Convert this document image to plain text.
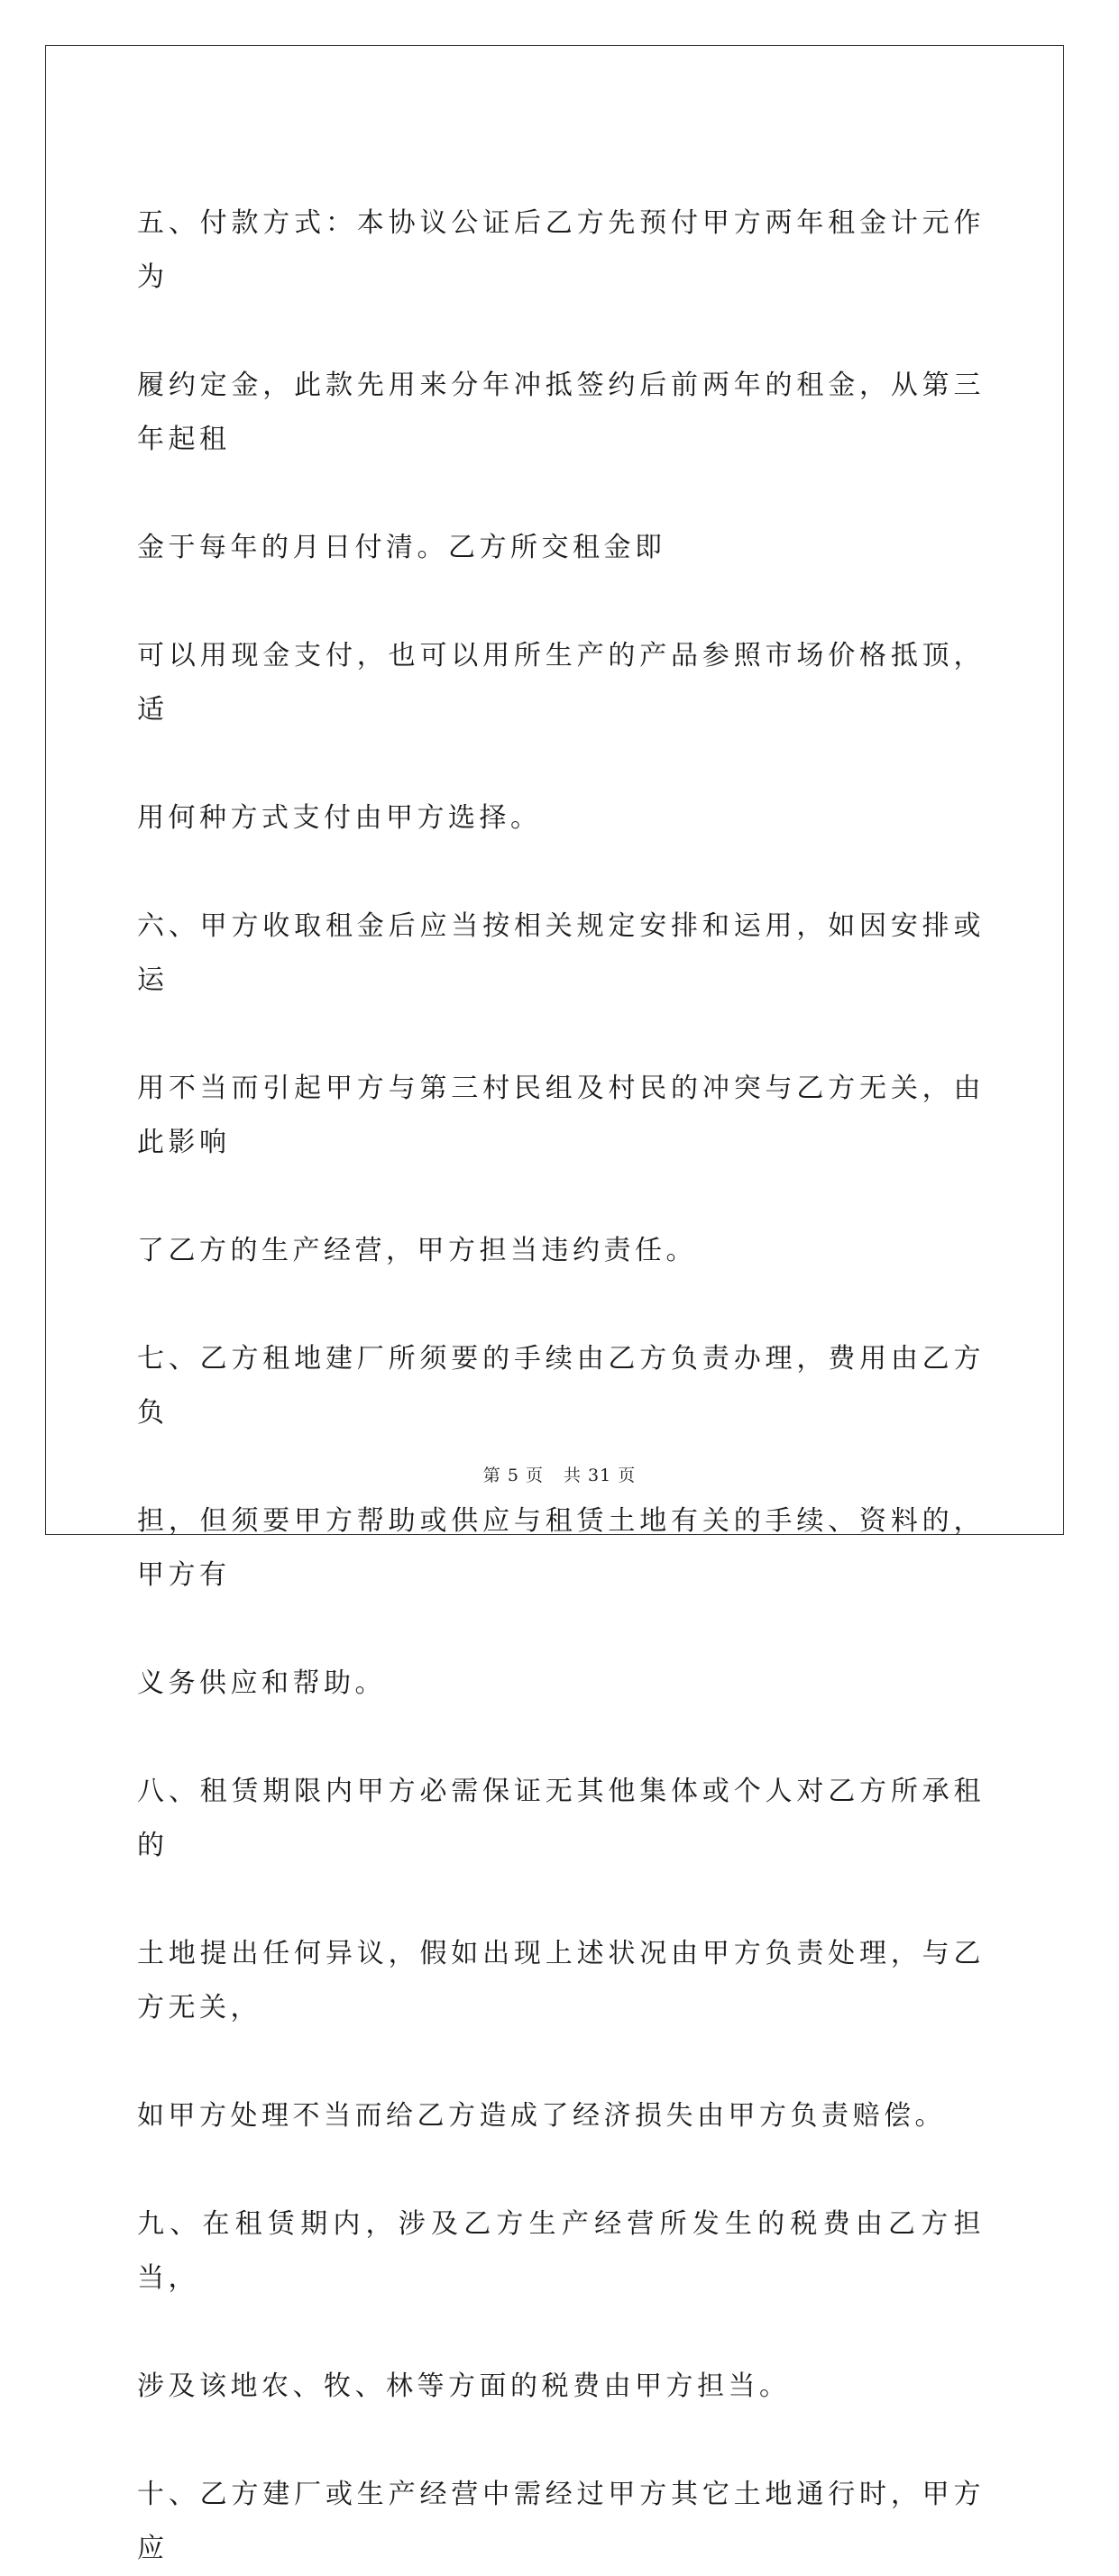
五、付款方式：本协议公证后乙方先预付甲方两年租金计元作为

履约定金，此款先用来分年冲抵签约后前两年的租金，从第三年起租

金于每年的月日付清。乙方所交租金即

可以用现金支付，也可以用所生产的产品参照市场价格抵顶，适

用何种方式支付由甲方选择。

六、甲方收取租金后应当按相关规定安排和运用，如因安排或运

用不当而引起甲方与第三村民组及村民的冲突与乙方无关，由此影响

了乙方的生产经营，甲方担当违约责任。

七、乙方租地建厂所须要的手续由乙方负责办理，费用由乙方负

担，但须要甲方帮助或供应与租赁土地有关的手续、资料的，甲方有

义务供应和帮助。

八、租赁期限内甲方必需保证无其他集体或个人对乙方所承租的

土地提出任何异议，假如出现上述状况由甲方负责处理，与乙方无关，

如甲方处理不当而给乙方造成了经济损失由甲方负责赔偿。

九、在租赁期内，涉及乙方生产经营所发生的税费由乙方担当，

涉及该地农、牧、林等方面的税费由甲方担当。

十、乙方建厂或生产经营中需经过甲方其它土地通行时，甲方应

第 5 页 共 31 页
